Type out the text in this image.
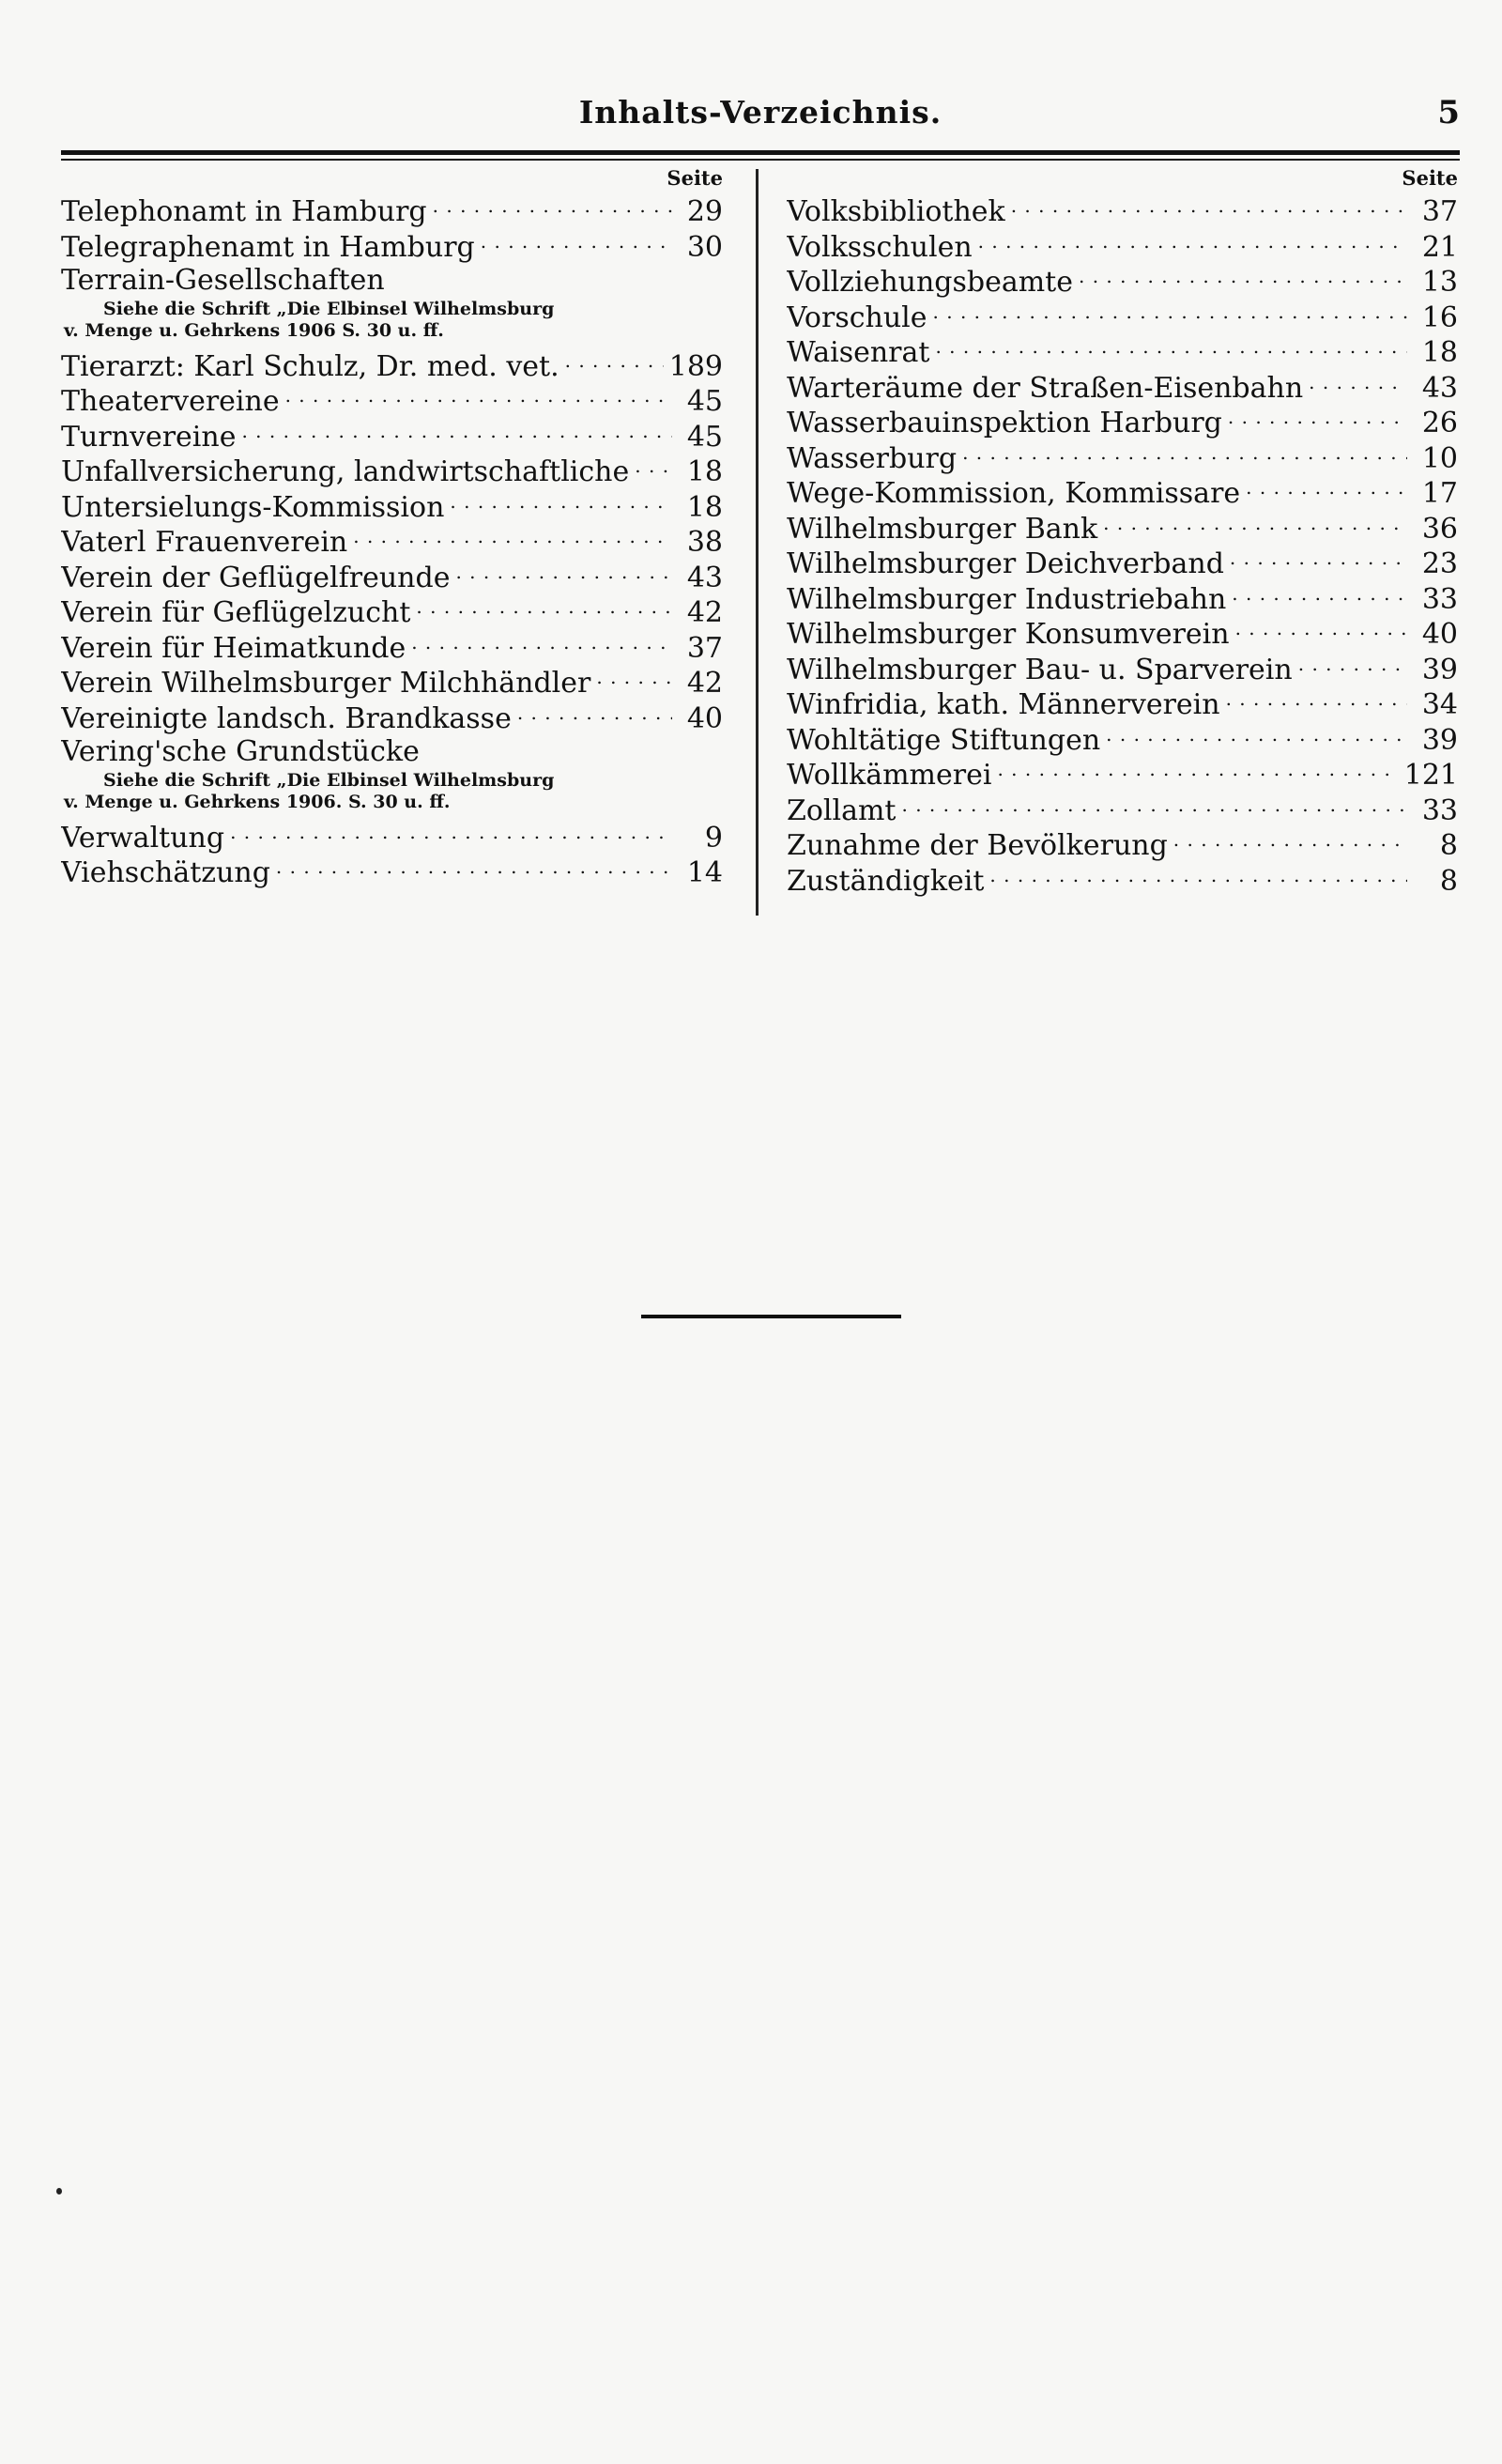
Inhalts-Verzeichnis.	5
Seite
Telephonamt in Hamburg . . .	29
Telegraphenamt in Hamburg . . .	30
Terrain-Gesellschaften
Siehe die Schrift „Die Elbinsel Wilhelmsburg
v. Menge u. Gehrkens 1906 S. 30 u. ff.
Tierarzt: Karl Schulz, Dr. med. vet. . . .	189
Theatervereine . . .	45
Turnvereine . . .	45
Unfallversicherung, landwirtschaftliche . . .	18
Untersielungs-Kommission . . .	18
Vaterl Frauenverein . . .	38
Verein der Geflügelfreunde . . .	43
Verein für Geflügelzucht . . .	42
Verein für Heimatkunde . . .	37
Verein Wilhelmsburger Milchhändler . . .	42
Vereinigte landsch. Brandkasse . . .	40
Vering'sche Grundstücke
Siehe die Schrift „Die Elbinsel Wilhelmsburg
v. Menge u. Gehrkens 1906. S. 30 u. ff.
Verwaltung . . .	9
Viehschätzung . . .	14
Seite
Volksbibliothek . . .	37
Volksschulen . . .	21
Vollziehungsbeamte . . .	13
Vorschule . . .	16
Waisenrat . . .	18
Warteräume der Straßen-Eisenbahn . . .	43
Wasserbauinspektion Harburg . . .	26
Wasserburg . . .	10
Wege-Kommission, Kommissare . . .	17
Wilhelmsburger Bank . . .	36
Wilhelmsburger Deichverband . . .	23
Wilhelmsburger Industriebahn . . .	33
Wilhelmsburger Konsumverein . . .	40
Wilhelmsburger Bau- u. Sparverein . . .	39
Winfridia, kath. Männerverein . . .	34
Wohltätige Stiftungen . . .	39
Wollkämmerei . . .	121
Zollamt . . .	33
Zunahme der Bevölkerung . . .	8
Zuständigkeit . . .	8
